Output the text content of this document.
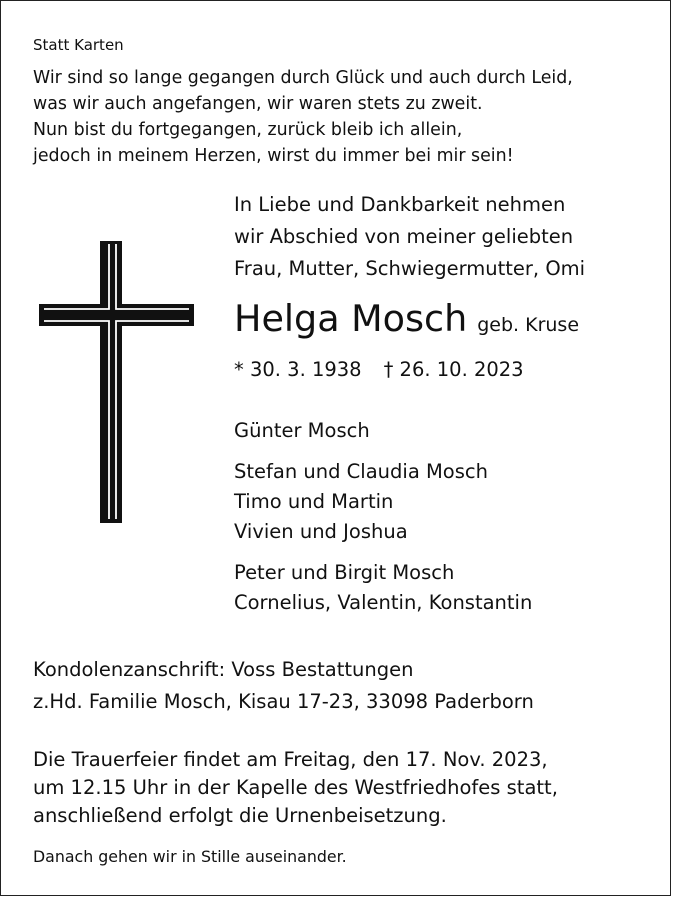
Statt Karten
Wir sind so lange gegangen durch Glück und auch durch Leid,
was wir auch angefangen, wir waren stets zu zweit.
Nun bist du fortgegangen, zurück bleib ich allein,
jedoch in meinem Herzen, wirst du immer bei mir sein!
In Liebe und Dankbarkeit nehmen
wir Abschied von meiner geliebten
Frau, Mutter, Schwiegermutter, Omi
Helga Mosch geb. Kruse
* 30. 3. 1938 † 26. 10. 2023
Günter Mosch
Stefan und Claudia Mosch
Timo und Martin
Vivien und Joshua
Peter und Birgit Mosch
Cornelius, Valentin, Konstantin
Kondolenzanschrift: Voss Bestattungen
z.Hd. Familie Mosch, Kisau 17-23, 33098 Paderborn
Die Trauerfeier findet am Freitag, den 17. Nov. 2023,
um 12.15 Uhr in der Kapelle des Westfriedhofes statt,
anschließend erfolgt die Urnenbeisetzung.
Danach gehen wir in Stille auseinander.
